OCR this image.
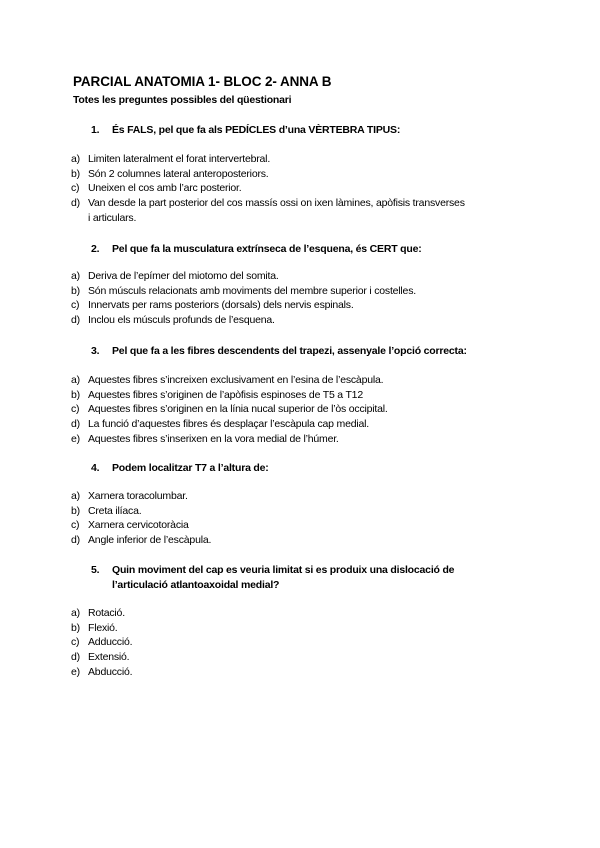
PARCIAL ANATOMIA 1- BLOC 2- ANNA B
Totes les preguntes possibles del qüestionari
1. És FALS, pel que fa als PEDÍCLES d’una VÈRTEBRA TIPUS:
a) Limiten lateralment el forat intervertebral.
b) Són 2 columnes lateral anteroposteriors.
c) Uneixen el cos amb l’arc posterior.
d) Van desde la part posterior del cos massís ossi on ixen làmines, apòfisis transverses
i articulars.
2. Pel que fa la musculatura extrínseca de l’esquena, és CERT que:
a) Deriva de l’epímer del miotomo del somita.
b) Són músculs relacionats amb moviments del membre superior i costelles.
c) Innervats per rams posteriors (dorsals) dels nervis espinals.
d) Inclou els músculs profunds de l’esquena.
3. Pel que fa a les fibres descendents del trapezi, assenyale l’opció correcta:
a) Aquestes fibres s’increixen exclusivament en l’esina de l’escàpula.
b) Aquestes fibres s’originen de l’apòfisis espinoses de T5 a T12
c) Aquestes fibres s’originen en la línia nucal superior de l’òs occipital.
d) La funció d’aquestes fibres és desplaçar l’escàpula cap medial.
e) Aquestes fibres s’inserixen en la vora medial de l’húmer.
4. Podem localitzar T7 a l’altura de:
a) Xarnera toracolumbar.
b) Creta ilíaca.
c) Xarnera cervicotoràcia
d) Angle inferior de l’escàpula.
5. Quin moviment del cap es veuria limitat si es produix una dislocació de
l’articulació atlantoaxoidal medial?
a) Rotació.
b) Flexió.
c) Adducció.
d) Extensió.
e) Abducció.
